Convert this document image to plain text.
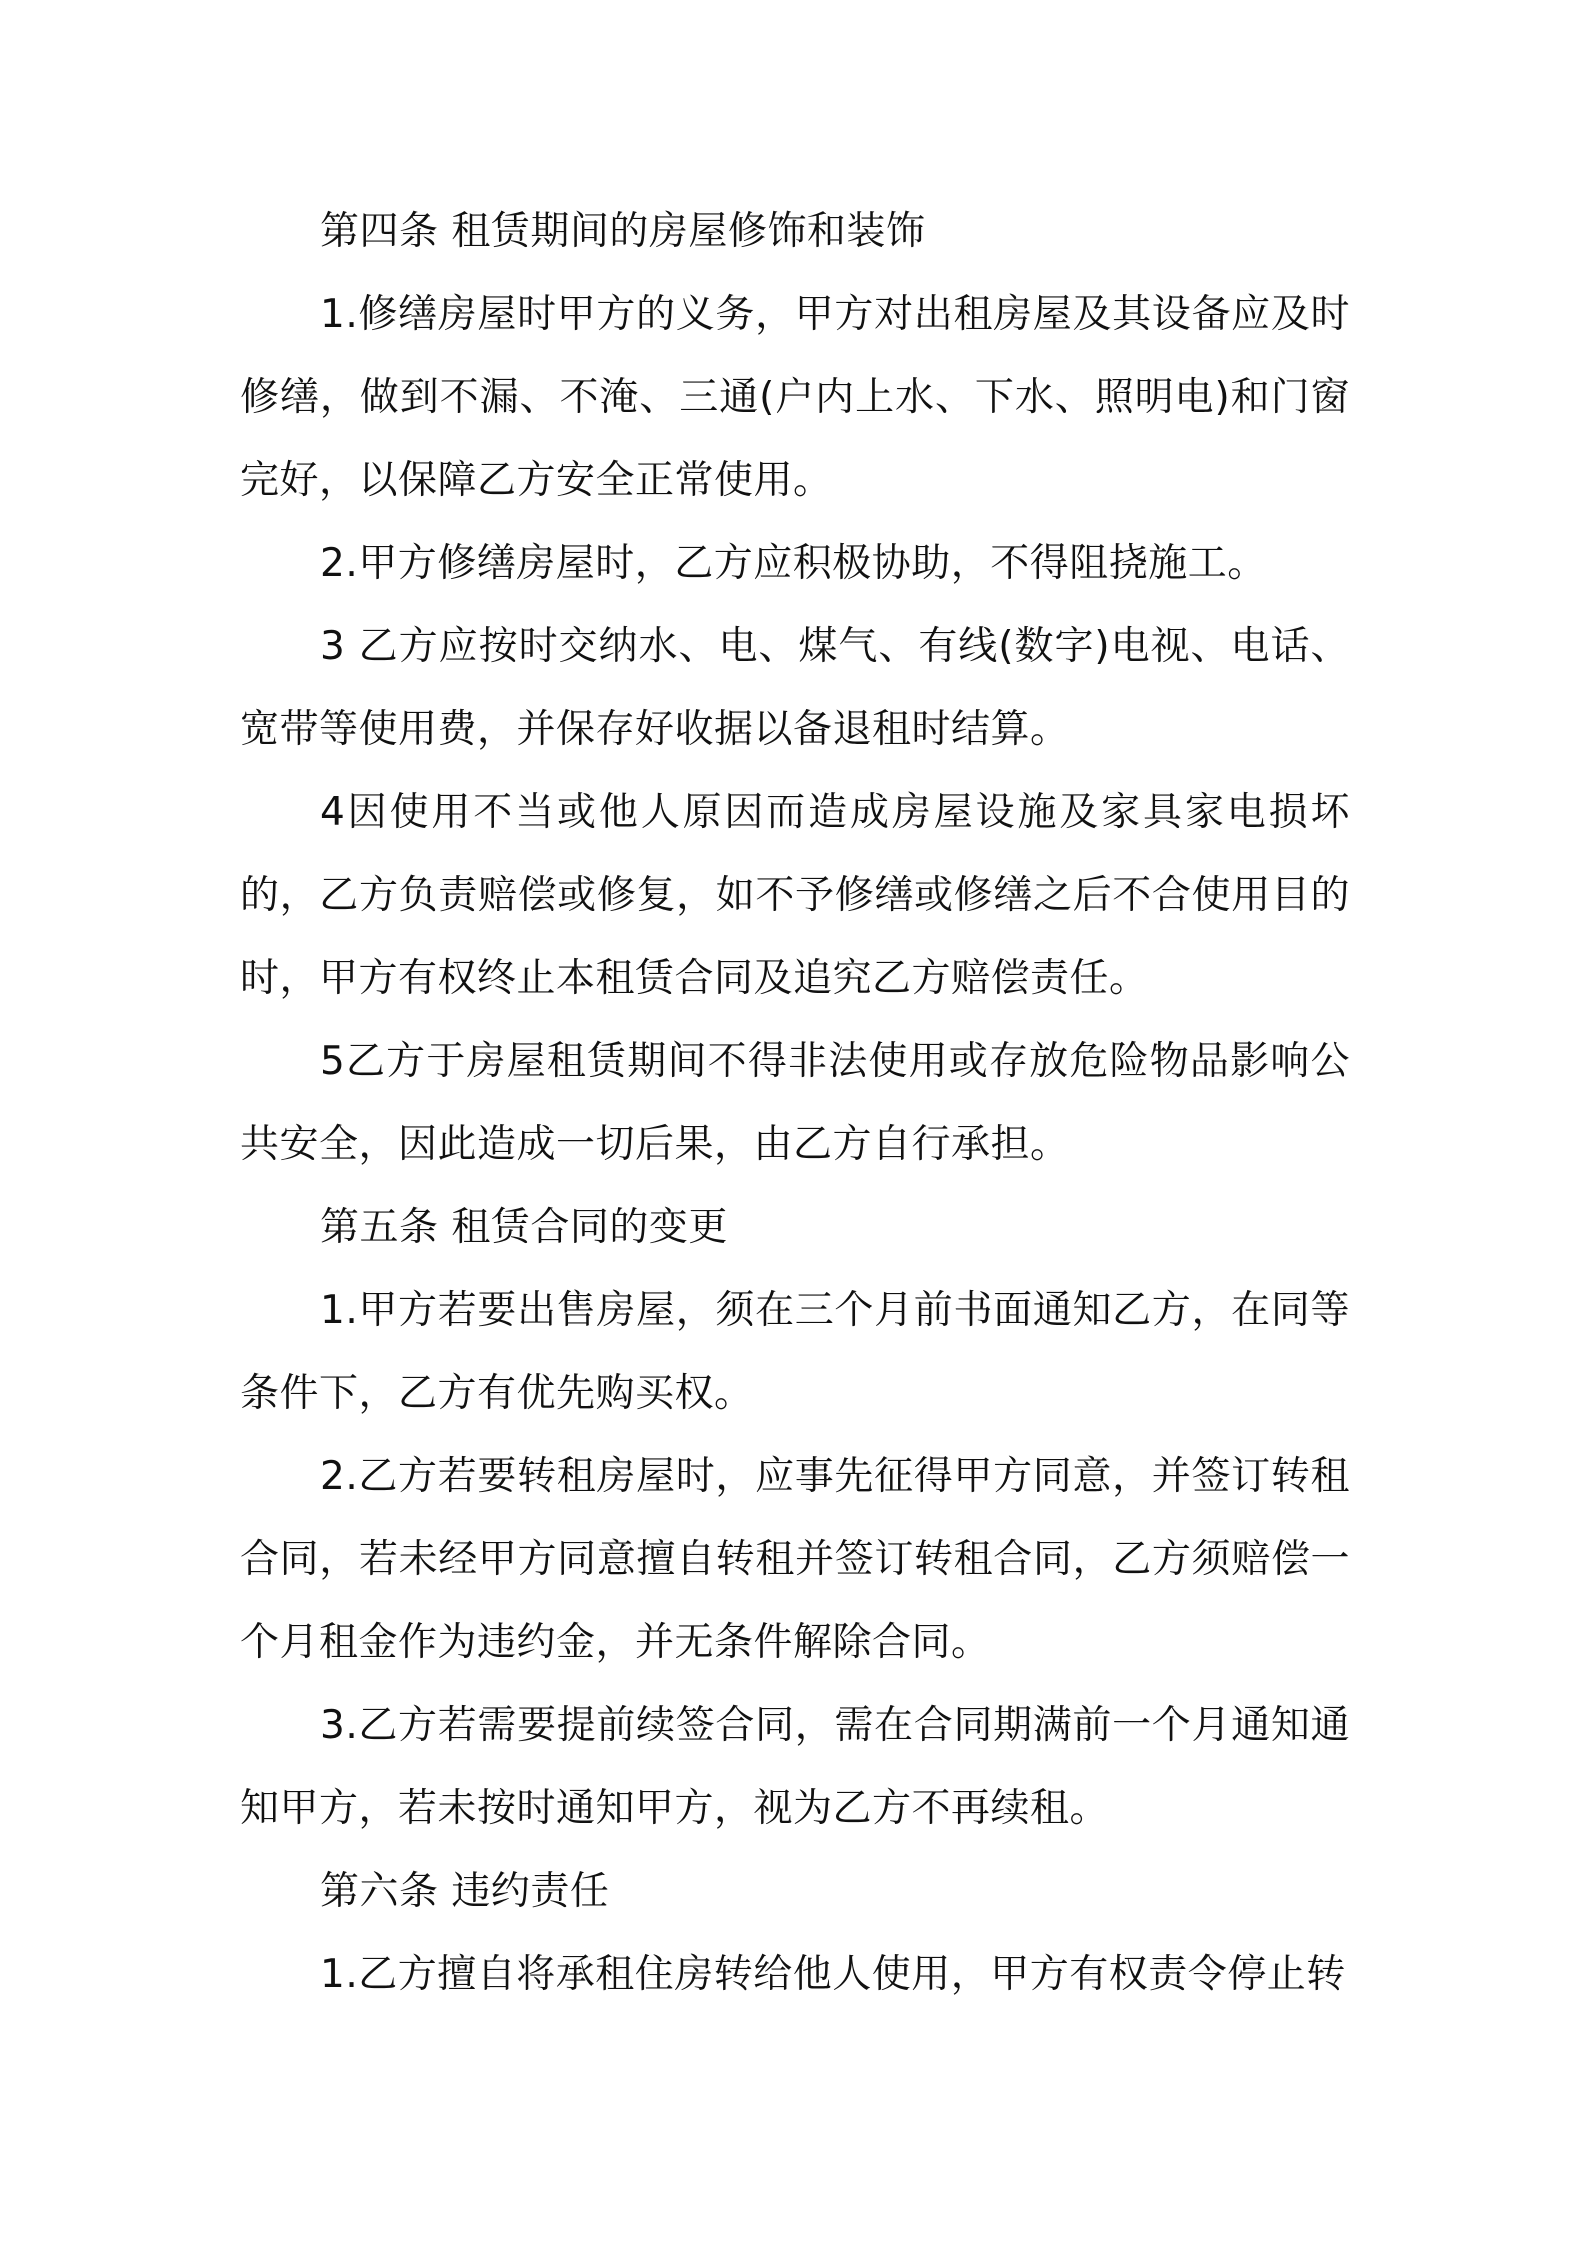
第四条 租赁期间的房屋修饰和装饰

1.修缮房屋时甲方的义务，甲方对出租房屋及其设备应及时修缮，做到不漏、不淹、三通(户内上水、下水、照明电)和门窗完好，以保障乙方安全正常使用。

2.甲方修缮房屋时，乙方应积极协助，不得阻挠施工。

3 乙方应按时交纳水、电、煤气、有线(数字)电视、电话、宽带等使用费，并保存好收据以备退租时结算。

4因使用不当或他人原因而造成房屋设施及家具家电损坏的，乙方负责赔偿或修复，如不予修缮或修缮之后不合使用目的时，甲方有权终止本租赁合同及追究乙方赔偿责任。

5乙方于房屋租赁期间不得非法使用或存放危险物品影响公共安全，因此造成一切后果，由乙方自行承担。

第五条 租赁合同的变更

1.甲方若要出售房屋，须在三个月前书面通知乙方，在同等条件下，乙方有优先购买权。

2.乙方若要转租房屋时，应事先征得甲方同意，并签订转租合同，若未经甲方同意擅自转租并签订转租合同，乙方须赔偿一个月租金作为违约金，并无条件解除合同。

3.乙方若需要提前续签合同，需在合同期满前一个月通知通知甲方，若未按时通知甲方，视为乙方不再续租。

第六条 违约责任

1.乙方擅自将承租住房转给他人使用，甲方有权责令停止转
